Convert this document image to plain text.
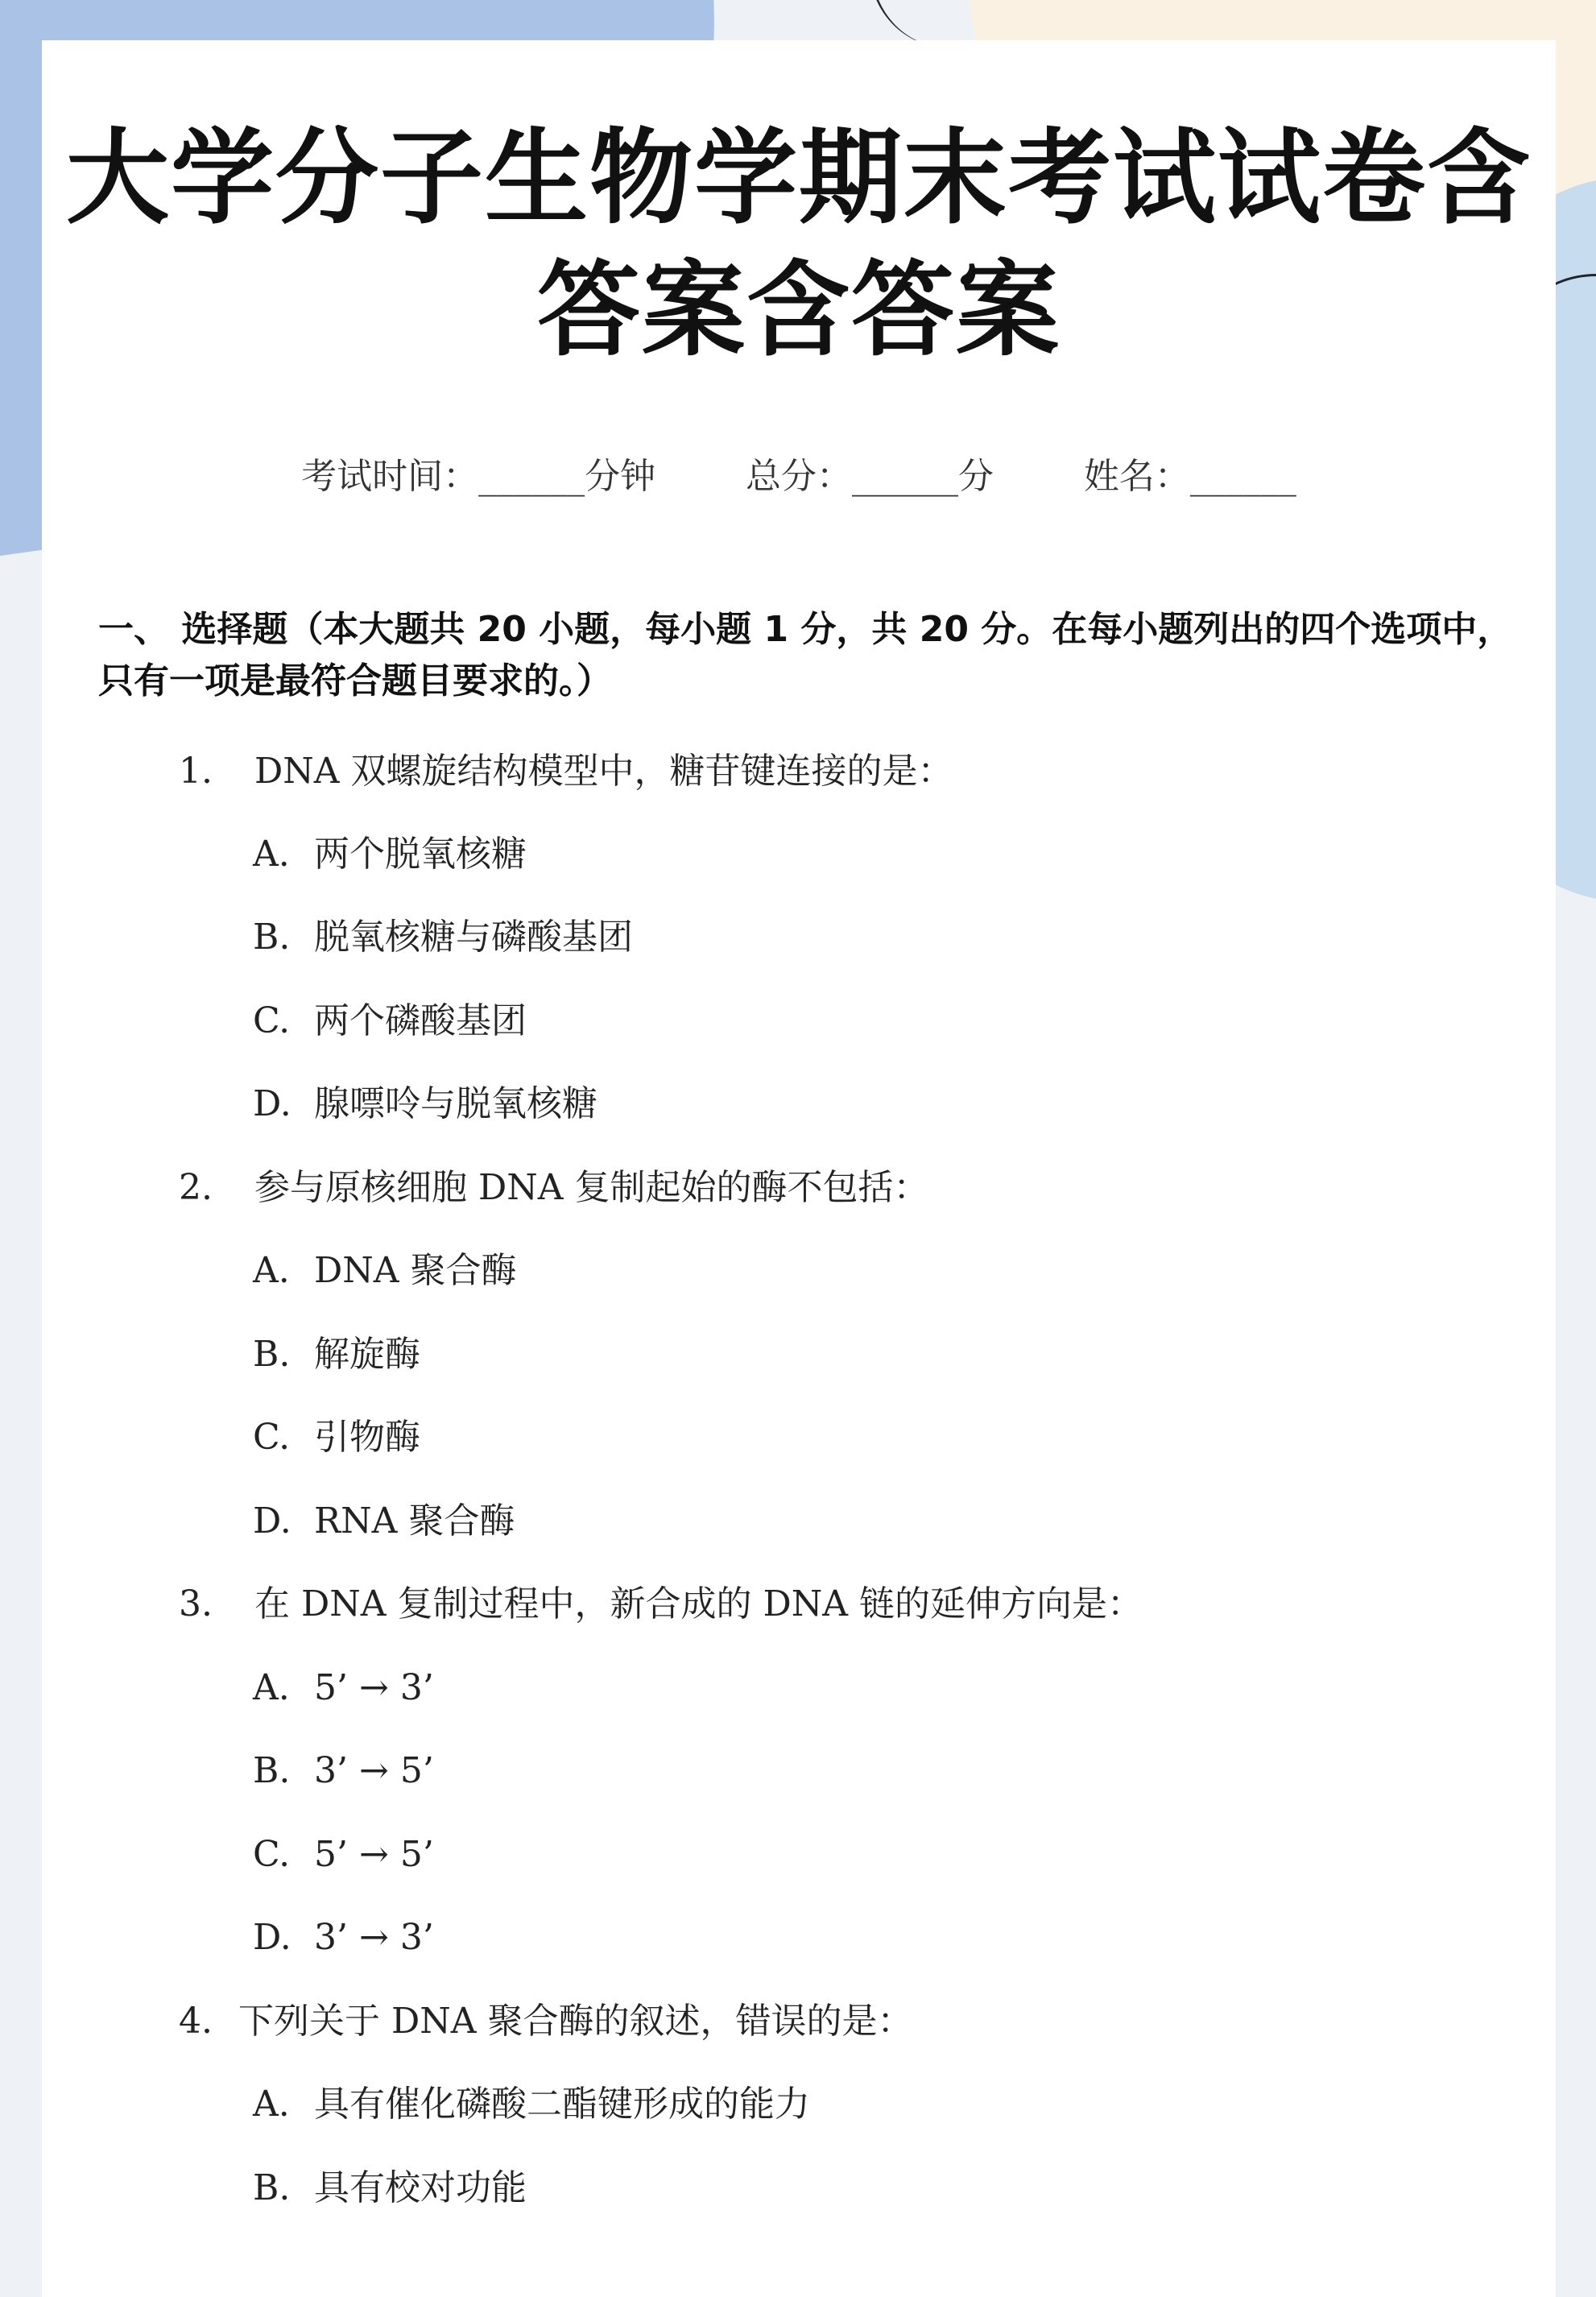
大学分子生物学期末考试试卷含答案含答案
考试时间：______分钟	总分：______分	姓名：______

一、 选择题（本大题共 20 小题，每小题 1 分，共 20 分。在每小题列出的四个选项中，只有一项是最符合题目要求的。）

1. DNA 双螺旋结构模型中，糖苷键连接的是：
A. 两个脱氧核糖
B. 脱氧核糖与磷酸基团
C. 两个磷酸基团
D. 腺嘌呤与脱氧核糖
2. 参与原核细胞 DNA 复制起始的酶不包括：
A. DNA 聚合酶
B. 解旋酶
C. 引物酶
D. RNA 聚合酶
3. 在 DNA 复制过程中，新合成的 DNA 链的延伸方向是：
A. 5’ → 3’
B. 3’ → 5’
C. 5’ → 5’
D. 3’ → 3’
4. 下列关于 DNA 聚合酶的叙述，错误的是：
A. 具有催化磷酸二酯键形成的能力
B. 具有校对功能
